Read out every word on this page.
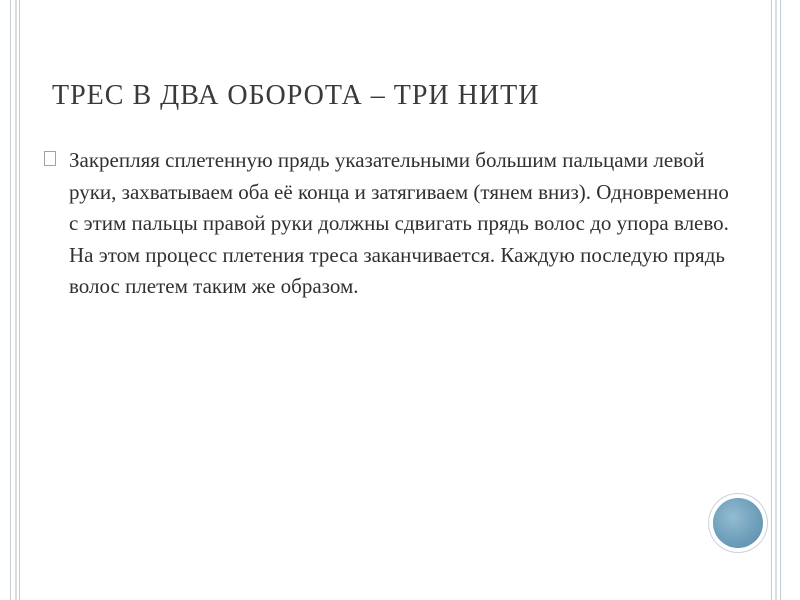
ТРЕС В ДВА ОБОРОТА – ТРИ НИТИ
Закрепляя сплетенную прядь указательными большим пальцами левой руки, захватываем оба её конца и затягиваем (тянем вниз). Одновременно с этим пальцы правой руки должны сдвигать прядь волос до упора влево. На этом процесс плетения треса заканчивается. Каждую последую прядь волос плетем таким же образом.
